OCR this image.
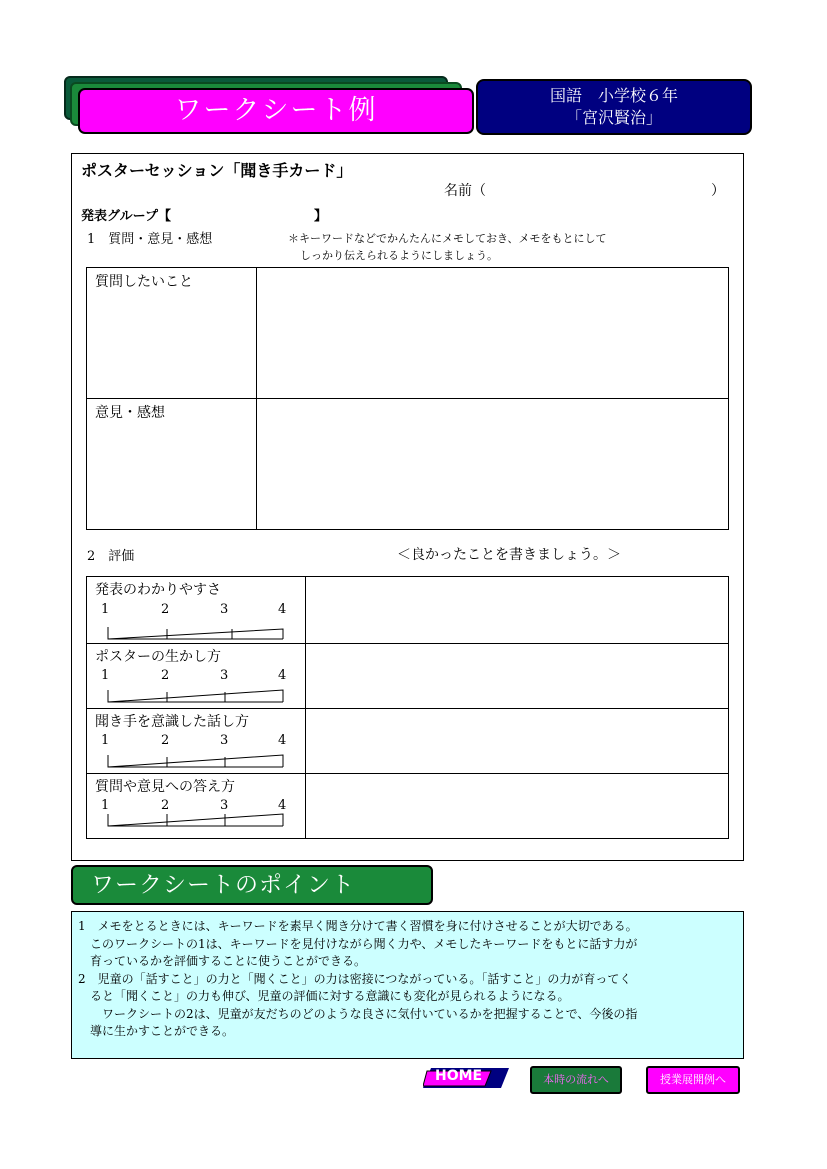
ワークシート例	国語　小学校６年
「宮沢賢治」
ポスターセッション「聞き手カード」
名前（	）
発表グループ【	】
1　質問・意見・感想	＊キーワードなどでかんたんにメモしておき、メモをもとにして
しっかり伝えられるようにしましょう。
質問したいこと	
意見・感想	
2　評価	＜良かったことを書きましょう。＞
発表のわかりやすさ
1 2 3 4	

ポスターの生かし方
1 2 3 4	

聞き手を意識した話し方
1 2 3 4	

質問や意見への答え方
1 2 3 4	

ワークシートのポイント

1　メモをとるときには、キーワードを素早く聞き分けて書く習慣を身に付けさせることが大切である。

　このワークシートの1は、キーワードを見付けながら聞く力や、メモしたキーワードをもとに話す力が

　育っているかを評価することに使うことができる。

2　児童の「話すこと」の力と「聞くこと」の力は密接につながっている。「話すこと」の力が育ってく

　ると「聞くこと」の力も伸び、児童の評価に対する意識にも変化が見られるようになる。

　　ワークシートの2は、児童が友だちのどのような良さに気付いているかを把握することで、今後の指

　導に生かすことができる。

HOME	本時の流れへ	授業展開例へ
